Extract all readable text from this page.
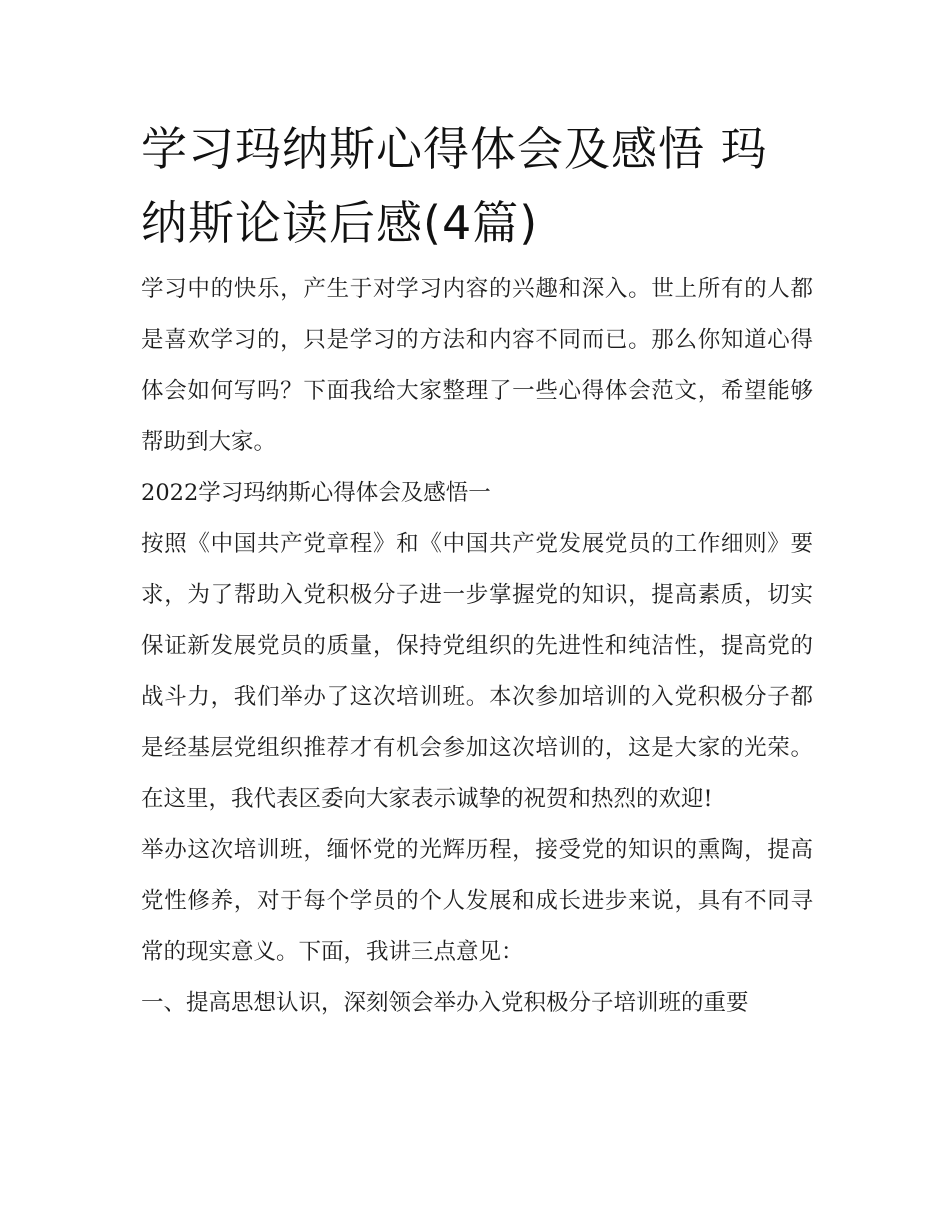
学习玛纳斯心得体会及感悟 玛纳斯论读后感(4篇)

学习中的快乐，产生于对学习内容的兴趣和深入。世上所有的人都是喜欢学习的，只是学习的方法和内容不同而已。那么你知道心得体会如何写吗？下面我给大家整理了一些心得体会范文，希望能够帮助到大家。

2022学习玛纳斯心得体会及感悟一

按照《中国共产党章程》和《中国共产党发展党员的工作细则》要求，为了帮助入党积极分子进一步掌握党的知识，提高素质，切实保证新发展党员的质量，保持党组织的先进性和纯洁性，提高党的战斗力，我们举办了这次培训班。本次参加培训的入党积极分子都是经基层党组织推荐才有机会参加这次培训的，这是大家的光荣。在这里，我代表区委向大家表示诚挚的祝贺和热烈的欢迎!

举办这次培训班，缅怀党的光辉历程，接受党的知识的熏陶，提高党性修养，对于每个学员的个人发展和成长进步来说，具有不同寻常的现实意义。下面，我讲三点意见：

一、提高思想认识，深刻领会举办入党积极分子培训班的重要
